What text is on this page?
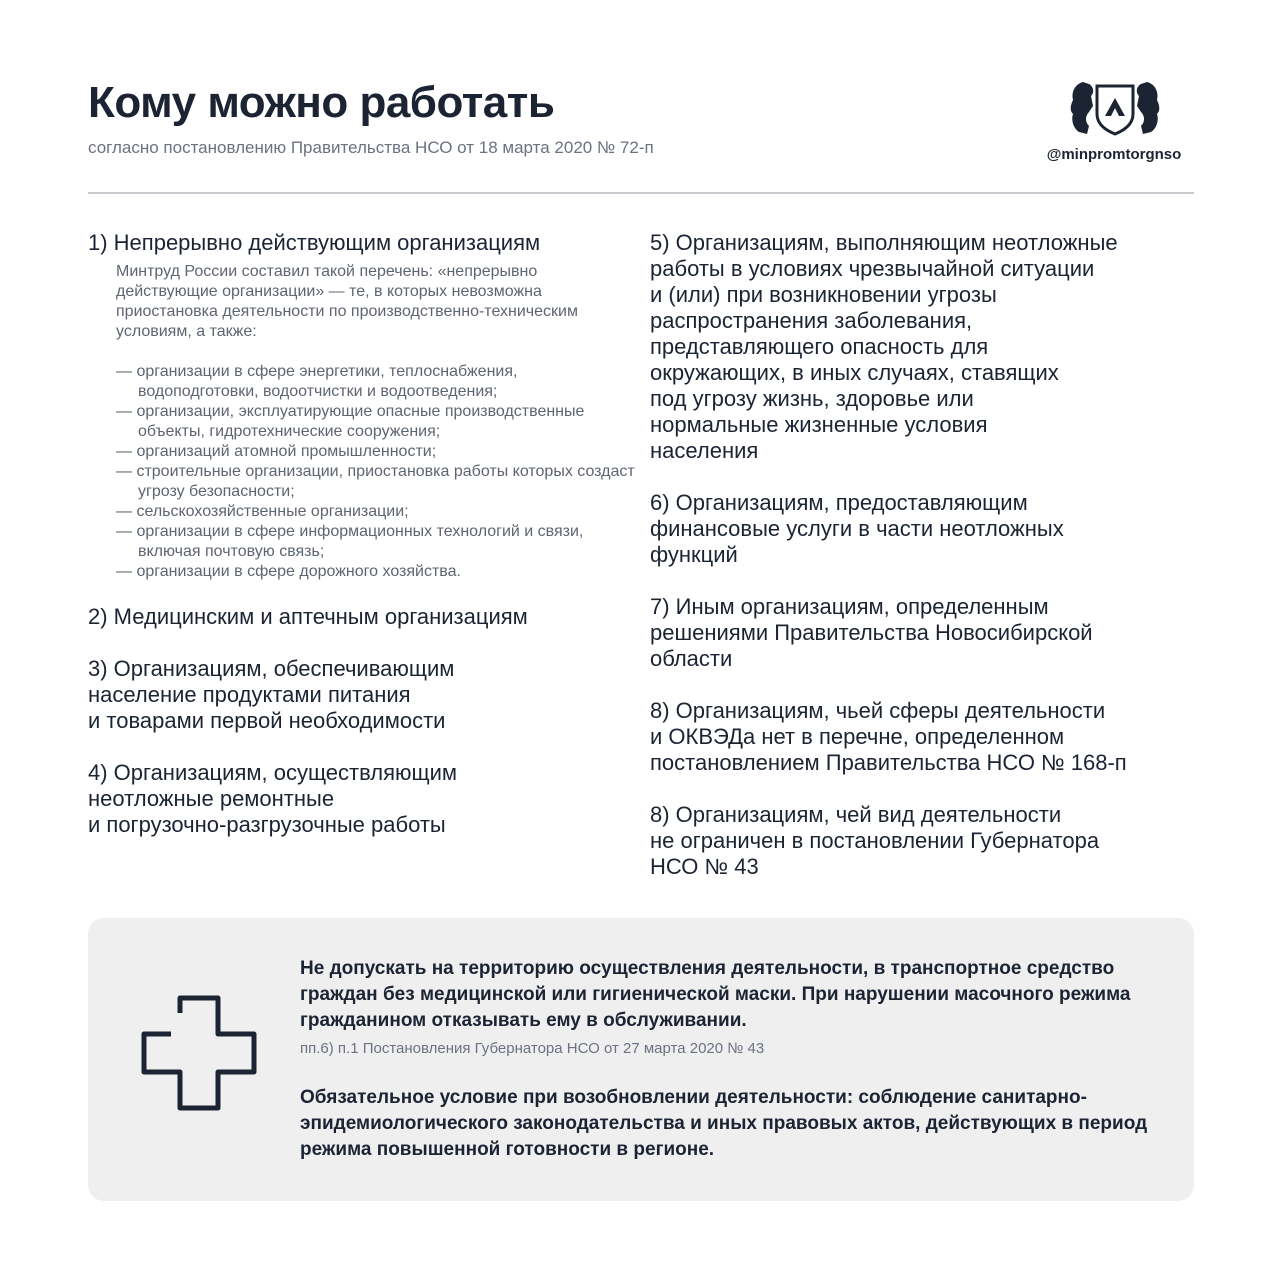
Кому можно работать
согласно постановлению Правительства НСО от 18 марта 2020 № 72-п	@minpromtorgnso
1) Непрерывно действующим организациям

Минтруд России составил такой перечень: «непрерывно действующие организации» — те, в которых невозможна приостановка деятельности по производственно-техническим условиям, а также:

— организации в сфере энергетики, теплоснабжения, водоподготовки, водоотчистки и водоотведения;
— организации, эксплуатирующие опасные производственные объекты, гидротехнические сооружения;
— организаций атомной промышленности;
— строительные организации, приостановка работы которых создаст угрозу безопасности;
— сельскохозяйственные организации;
— организации в сфере информационных технологий и связи, включая почтовую связь;
— организации в сфере дорожного хозяйства.
2) Медицинским и аптечным организациям
3) Организациям, обеспечивающим
население продуктами питания
и товарами первой необходимости
4) Организациям, осуществляющим
неотложные ремонтные
и погрузочно-разгрузочные работы
5) Организациям, выполняющим неотложные
работы в условиях чрезвычайной ситуации
и (или) при возникновении угрозы
распространения заболевания,
представляющего опасность для
окружающих, в иных случаях, ставящих
под угрозу жизнь, здоровье или
нормальные жизненные условия
населения
6) Организациям, предоставляющим
финансовые услуги в части неотложных
функций
7) Иным организациям, определенным
решениями Правительства Новосибирской
области
8) Организациям, чьей сферы деятельности
и ОКВЭДа нет в перечне, определенном
постановлением Правительства НСО № 168-п
8) Организациям, чей вид деятельности
не ограничен в постановлении Губернатора
НСО № 43

Не допускать на территорию осуществления деятельности, в транспортное средство граждан без медицинской или гигиенической маски. При нарушении масочного режима гражданином отказывать ему в обслуживании.

пп.6) п.1 Постановления Губернатора НСО от 27 марта 2020 № 43

Обязательное условие при возобновлении деятельности: соблюдение санитарно-эпидемиологического законодательства и иных правовых актов, действующих в период режима повышенной готовности в регионе.
